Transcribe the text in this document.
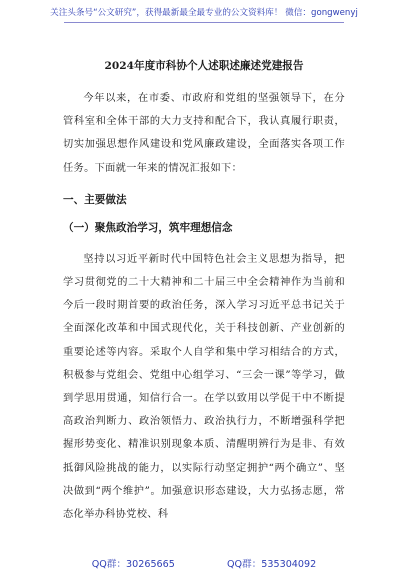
关注头条号“公文研究”，获得最新最全最专业的公文资料库！ 微信：gongwenyj
2024年度市科协个人述职述廉述党建报告

今年以来，在市委、市政府和党组的坚强领导下，在分管科室和全体干部的大力支持和配合下，我认真履行职责，切实加强思想作风建设和党风廉政建设，全面落实各项工作任务。下面就一年来的情况汇报如下：

一、主要做法
（一）聚焦政治学习，筑牢理想信念

坚持以习近平新时代中国特色社会主义思想为指导，把学习贯彻党的二十大精神和二十届三中全会精神作为当前和今后一段时期首要的政治任务，深入学习习近平总书记关于全面深化改革和中国式现代化，关于科技创新、产业创新的重要论述等内容。采取个人自学和集中学习相结合的方式，积极参与党组会、党组中心组学习、“三会一课”等学习，做到学思用贯通，知信行合一。在学以致用以学促干中不断提高政治判断力、政治领悟力、政治执行力，不断增强科学把握形势变化、精准识别现象本质、清醒明辨行为是非、有效抵御风险挑战的能力，以实际行动坚定拥护“两个确立”、坚决做到“两个维护”。加强意识形态建设，大力弘扬志愿，常态化举办科协党校、科

QQ群：30265665	QQ群：535304092
